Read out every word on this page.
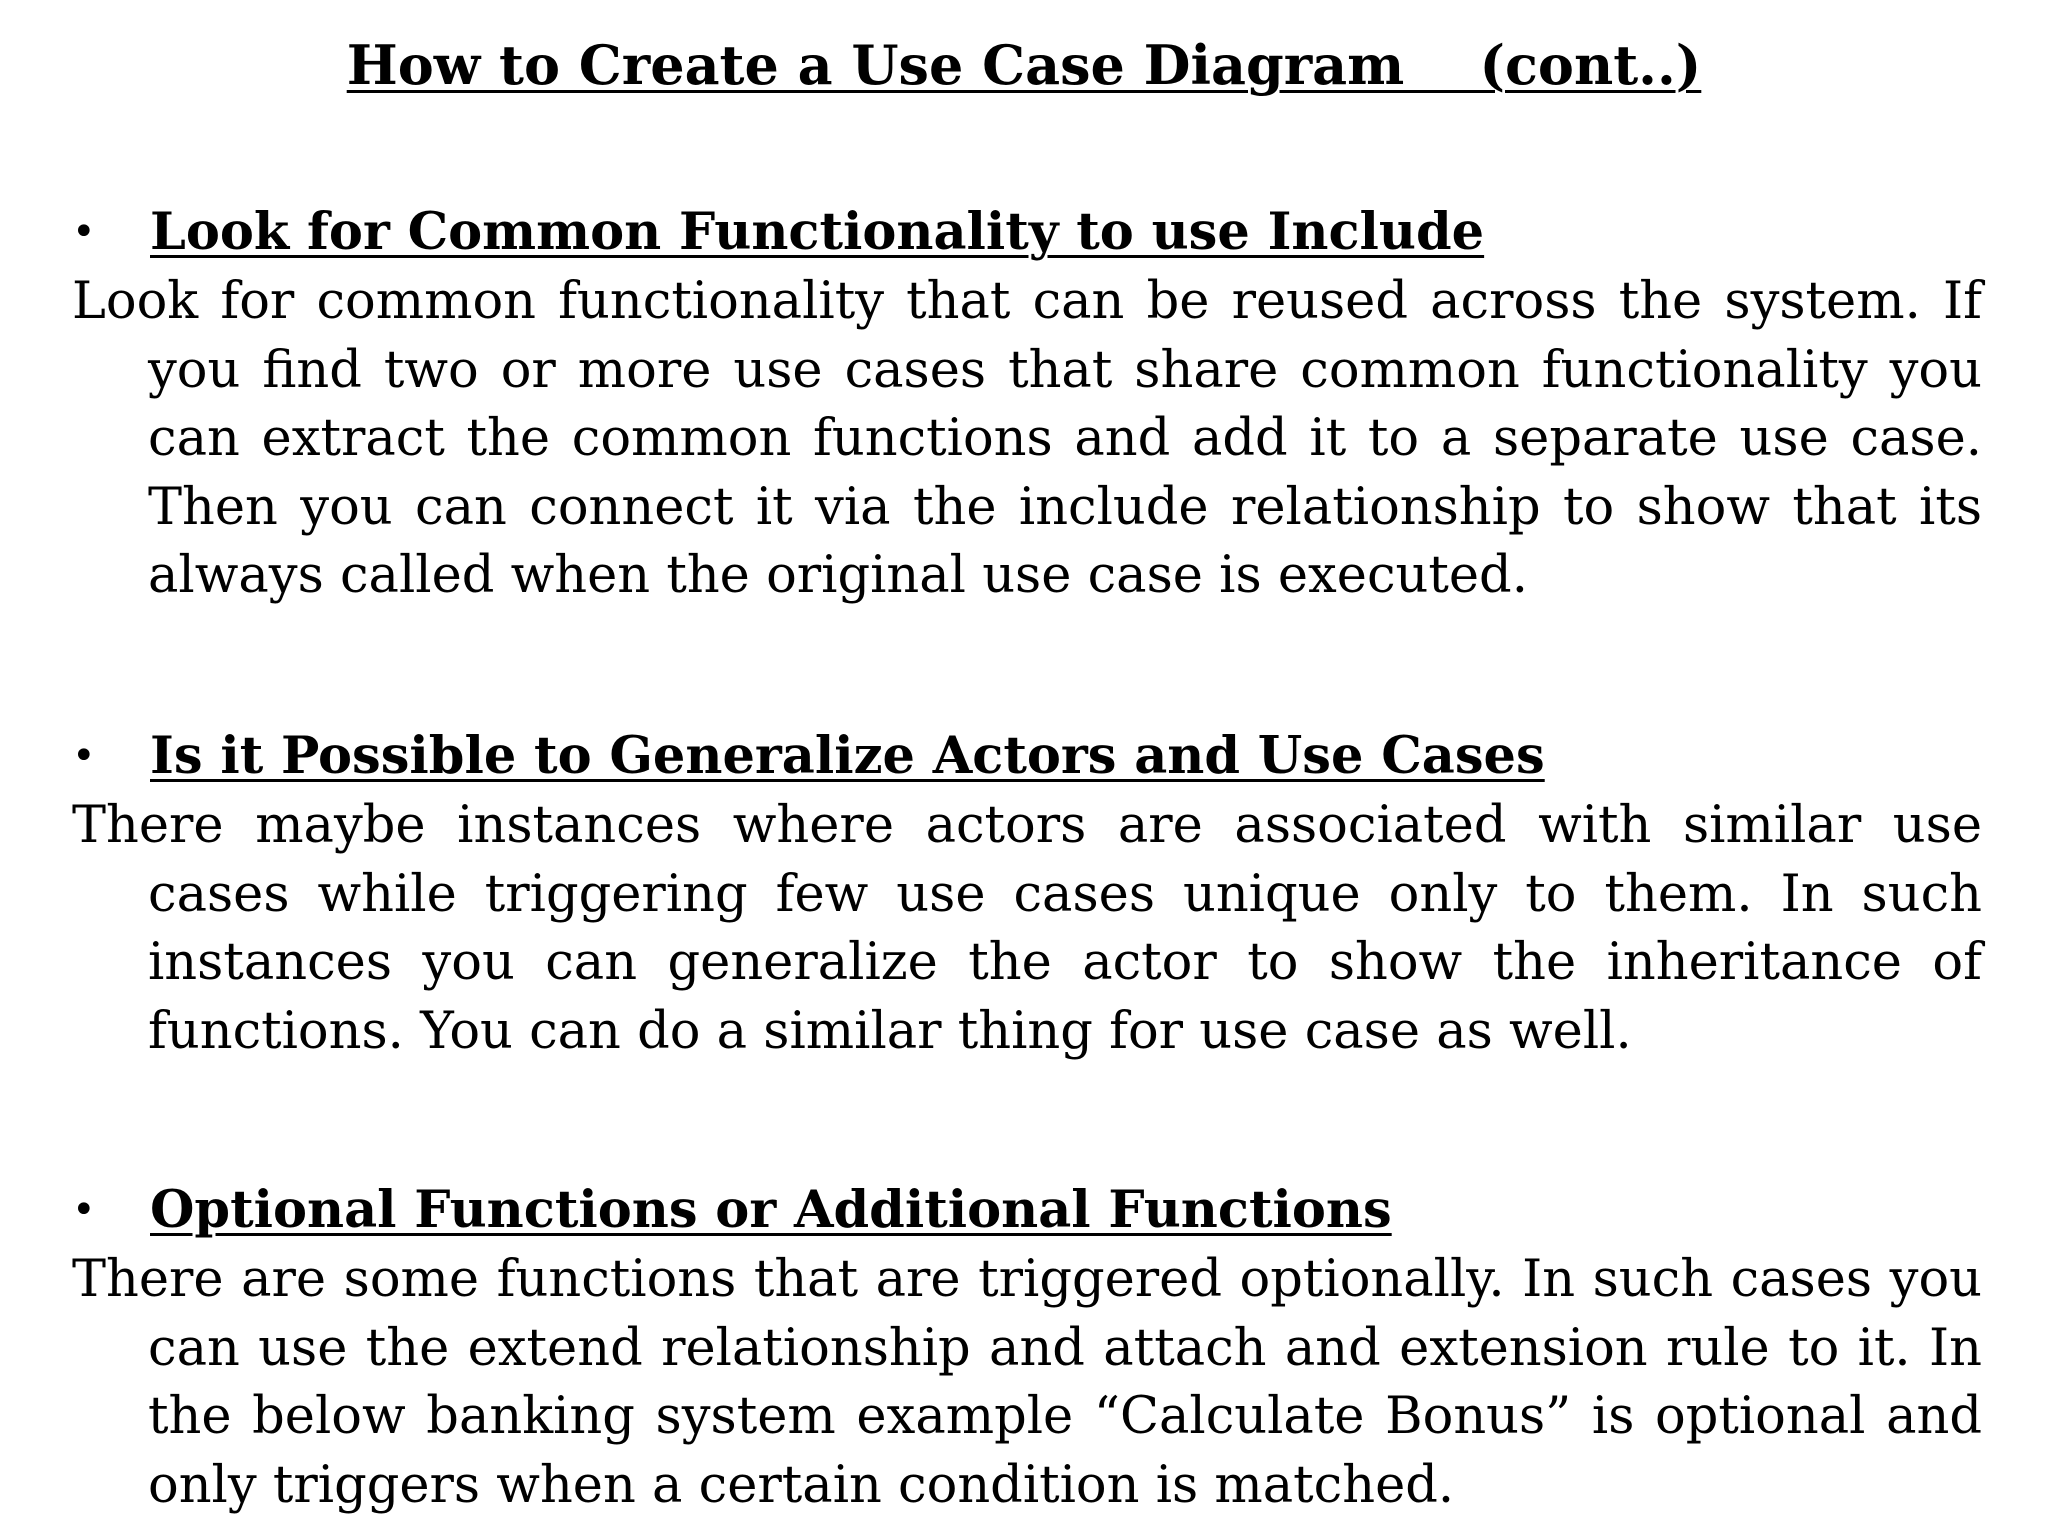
How to Create a Use Case Diagram    (cont..)
• Look for Common Functionality to use Include

Look for common functionality that can be reused across the system. If you find two or more use cases that share common functionality you can extract the common functions and add it to a separate use case. Then you can connect it via the include relationship to show that its always called when the original use case is executed.

• Is it Possible to Generalize Actors and Use Cases

There maybe instances where actors are associated with similar use cases while triggering few use cases unique only to them. In such instances you can generalize the actor to show the inheritance of functions. You can do a similar thing for use case as well.

• Optional Functions or Additional Functions

There are some functions that are triggered optionally. In such cases you can use the extend relationship and attach and extension rule to it. In the below banking system example “Calculate Bonus” is optional and only triggers when a certain condition is matched.
